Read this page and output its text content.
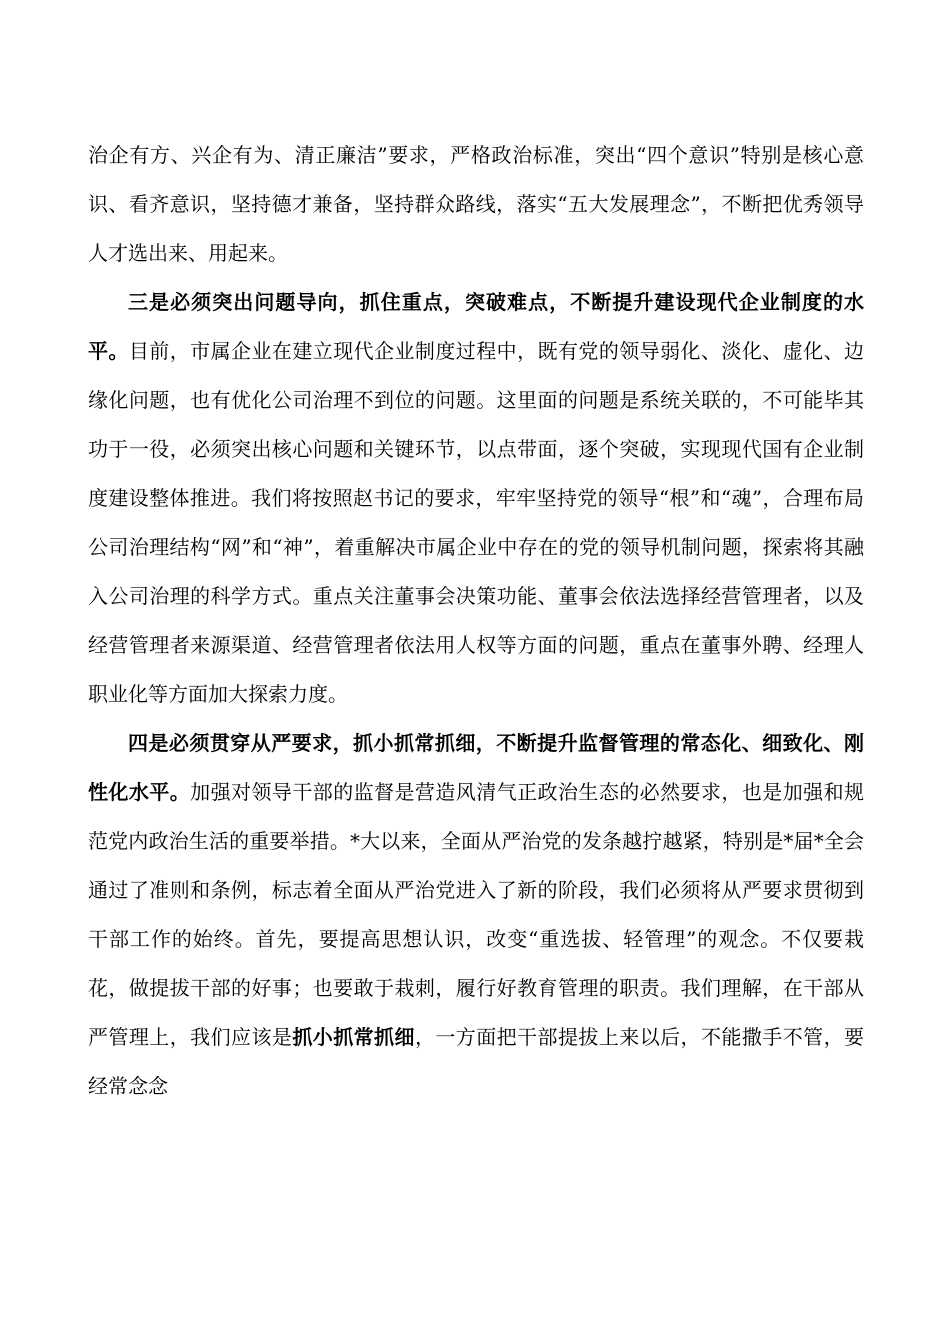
治企有方、兴企有为、清正廉洁”要求，严格政治标准，突出“四个意识”特别是核心意识、看齐意识，坚持德才兼备，坚持群众路线，落实“五大发展理念”，不断把优秀领导人才选出来、用起来。

三是必须突出问题导向，抓住重点，突破难点，不断提升建设现代企业制度的水平。目前，市属企业在建立现代企业制度过程中，既有党的领导弱化、淡化、虚化、边缘化问题，也有优化公司治理不到位的问题。这里面的问题是系统关联的，不可能毕其功于一役，必须突出核心问题和关键环节，以点带面，逐个突破，实现现代国有企业制度建设整体推进。我们将按照赵书记的要求，牢牢坚持党的领导“根”和“魂”，合理布局公司治理结构“网”和“神”，着重解决市属企业中存在的党的领导机制问题，探索将其融入公司治理的科学方式。重点关注董事会决策功能、董事会依法选择经营管理者，以及经营管理者来源渠道、经营管理者依法用人权等方面的问题，重点在董事外聘、经理人职业化等方面加大探索力度。

四是必须贯穿从严要求，抓小抓常抓细，不断提升监督管理的常态化、细致化、刚性化水平。加强对领导干部的监督是营造风清气正政治生态的必然要求，也是加强和规范党内政治生活的重要举措。*大以来，全面从严治党的发条越拧越紧，特别是*届*全会通过了准则和条例，标志着全面从严治党进入了新的阶段，我们必须将从严要求贯彻到干部工作的始终。首先，要提高思想认识，改变“重选拔、轻管理”的观念。不仅要栽花，做提拔干部的好事；也要敢于栽刺，履行好教育管理的职责。我们理解，在干部从严管理上，我们应该是抓小抓常抓细，一方面把干部提拔上来以后，不能撒手不管，要经常念念
